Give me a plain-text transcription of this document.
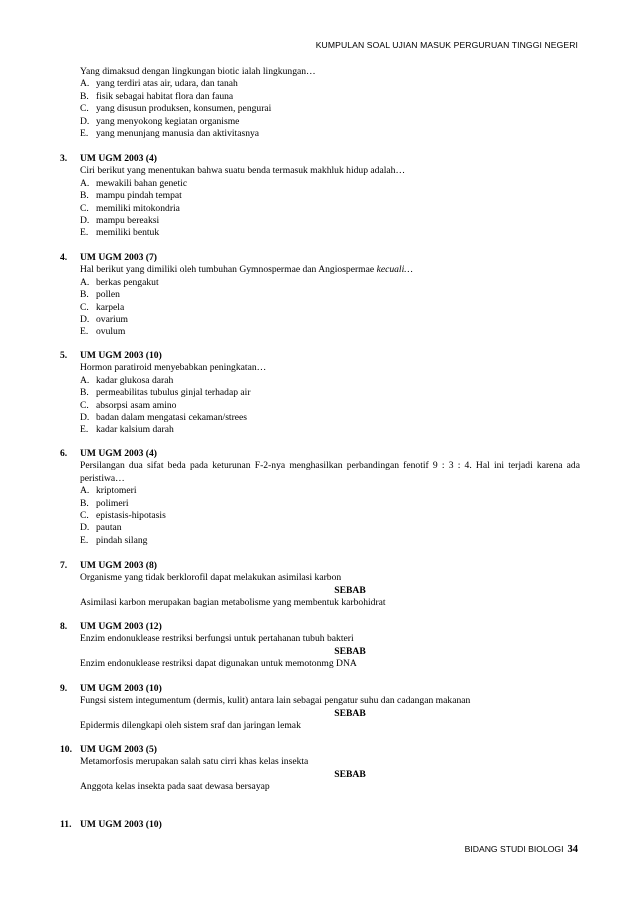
KUMPULAN SOAL UJIAN MASUK PERGURUAN TINGGI NEGERI
Yang dimaksud dengan lingkungan biotic ialah lingkungan…
A. yang terdiri atas air, udara, dan tanah
B. fisik sebagai habitat flora dan fauna
C. yang disusun produksen, konsumen, pengurai
D. yang menyokong kegiatan organisme
E. yang menunjang manusia dan aktivitasnya
3.	UM UGM 2003 (4)
Ciri berikut yang menentukan bahwa suatu benda termasuk makhluk hidup adalah…
A. mewakili bahan genetic
B. mampu pindah tempat
C. memiliki mitokondria
D. mampu bereaksi
E. memiliki bentuk
4.	UM UGM 2003 (7)
Hal berikut yang dimiliki oleh tumbuhan Gymnospermae dan Angiospermae kecuali…
A. berkas pengakut
B. pollen
C. karpela
D. ovarium
E. ovulum
5.	UM UGM 2003 (10)
Hormon paratiroid menyebabkan peningkatan…
A. kadar glukosa darah
B. permeabilitas tubulus ginjal terhadap air
C. absorpsi asam amino
D. badan dalam mengatasi cekaman/strees
E. kadar kalsium darah
6.	UM UGM 2003 (4)
Persilangan dua sifat beda pada keturunan F-2-nya menghasilkan perbandingan fenotif 9 : 3 : 4. Hal ini terjadi karena ada peristiwa…
A. kriptomeri
B. polimeri
C. epistasis-hipotasis
D. pautan
E. pindah silang
7.	UM UGM 2003 (8)
Organisme yang tidak berklorofil dapat melakukan asimilasi karbon
SEBAB
Asimilasi karbon merupakan bagian metabolisme yang membentuk karbohidrat
8.	UM UGM 2003 (12)
Enzim endonuklease restriksi berfungsi untuk pertahanan tubuh bakteri
SEBAB
Enzim endonuklease restriksi dapat digunakan untuk memotonmg DNA
9.	UM UGM 2003 (10)
Fungsi sistem integumentum (dermis, kulit) antara lain sebagai pengatur suhu dan cadangan makanan
SEBAB
Epidermis dilengkapi oleh sistem sraf dan jaringan lemak
10. UM UGM 2003 (5)
Metamorfosis merupakan salah satu cirri khas kelas insekta
SEBAB
Anggota kelas insekta pada saat dewasa bersayap
11. UM UGM 2003 (10)
BIDANG STUDI BIOLOGI 34
